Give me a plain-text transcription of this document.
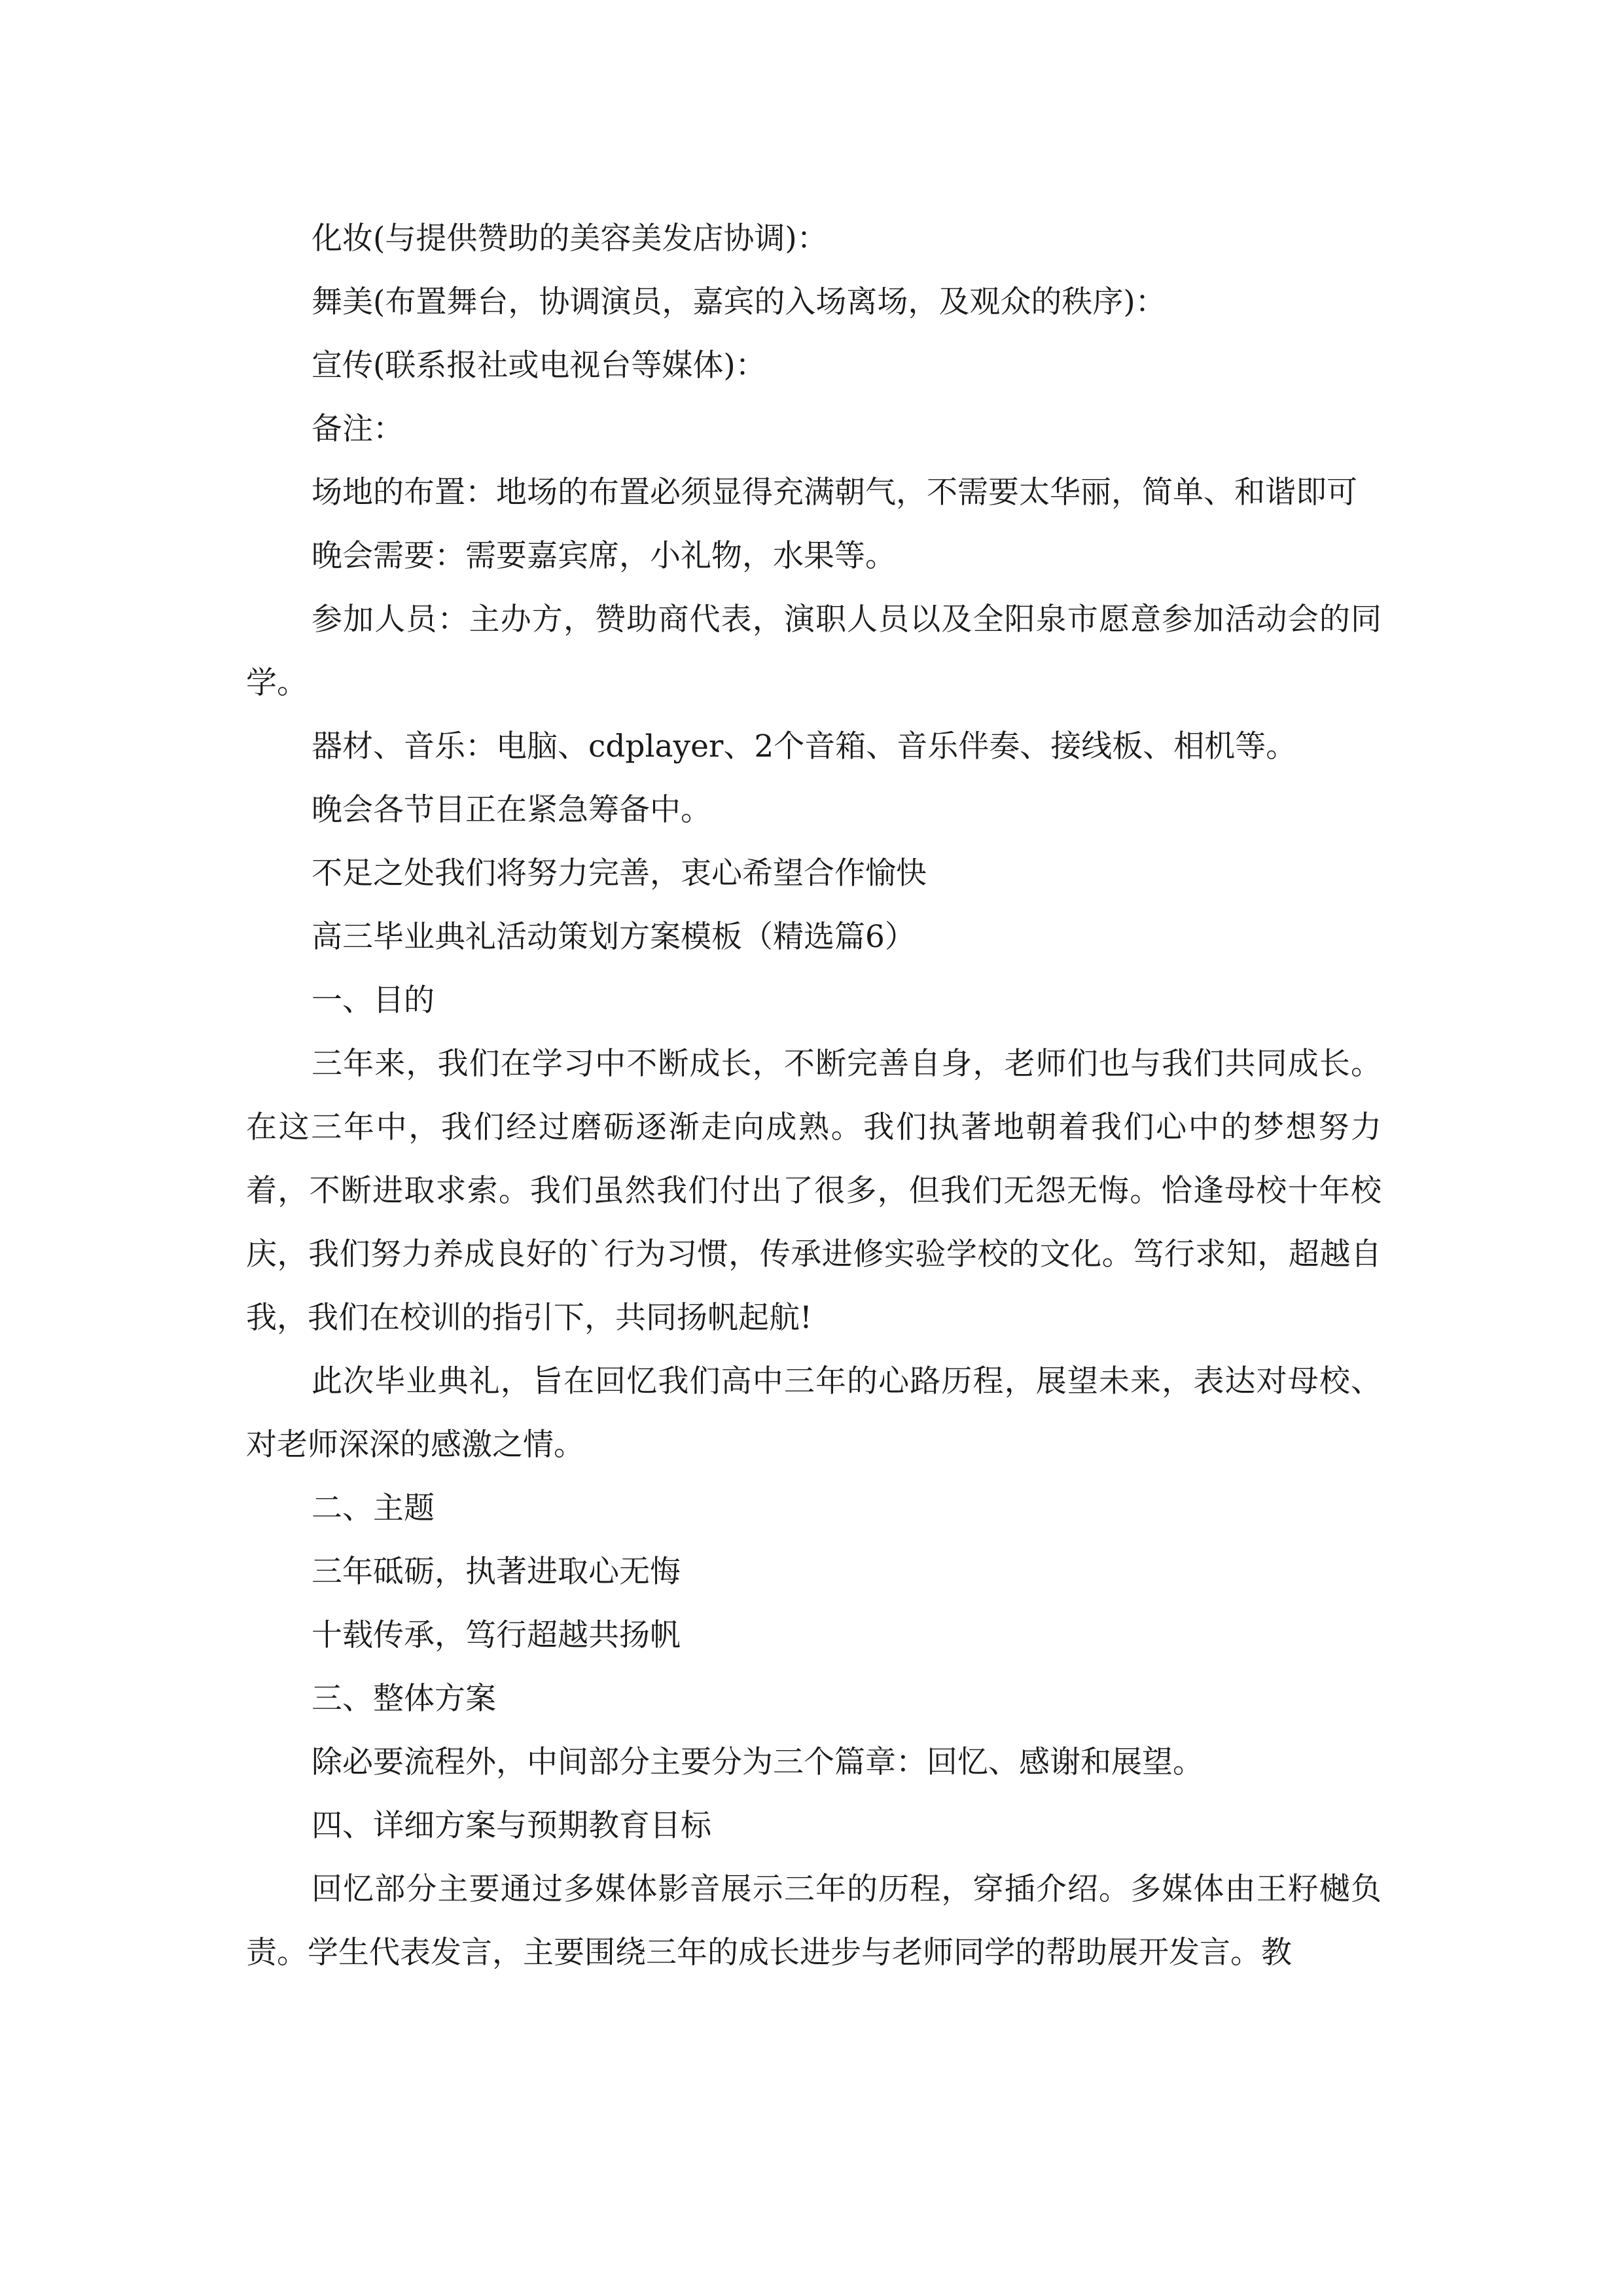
化妆(与提供赞助的美容美发店协调)：

舞美(布置舞台，协调演员，嘉宾的入场离场，及观众的秩序)：

宣传(联系报社或电视台等媒体)：

备注：

场地的布置：地场的布置必须显得充满朝气，不需要太华丽，简单、和谐即可

晚会需要：需要嘉宾席，小礼物，水果等。

参加人员：主办方，赞助商代表，演职人员以及全阳泉市愿意参加活动会的同学。

器材、音乐：电脑、cdplayer、2个音箱、音乐伴奏、接线板、相机等。

晚会各节目正在紧急筹备中。

不足之处我们将努力完善，衷心希望合作愉快

高三毕业典礼活动策划方案模板（精选篇6）

一、目的

三年来，我们在学习中不断成长，不断完善自身，老师们也与我们共同成长。在这三年中，我们经过磨砺逐渐走向成熟。我们执著地朝着我们心中的梦想努力着，不断进取求索。我们虽然我们付出了很多，但我们无怨无悔。恰逢母校十年校庆，我们努力养成良好的`行为习惯，传承进修实验学校的文化。笃行求知，超越自我，我们在校训的指引下，共同扬帆起航!

此次毕业典礼，旨在回忆我们高中三年的心路历程，展望未来，表达对母校、对老师深深的感激之情。

二、主题

三年砥砺，执著进取心无悔

十载传承，笃行超越共扬帆

三、整体方案

除必要流程外，中间部分主要分为三个篇章：回忆、感谢和展望。

四、详细方案与预期教育目标

回忆部分主要通过多媒体影音展示三年的历程，穿插介绍。多媒体由王籽樾负责。学生代表发言，主要围绕三年的成长进步与老师同学的帮助展开发言。教
